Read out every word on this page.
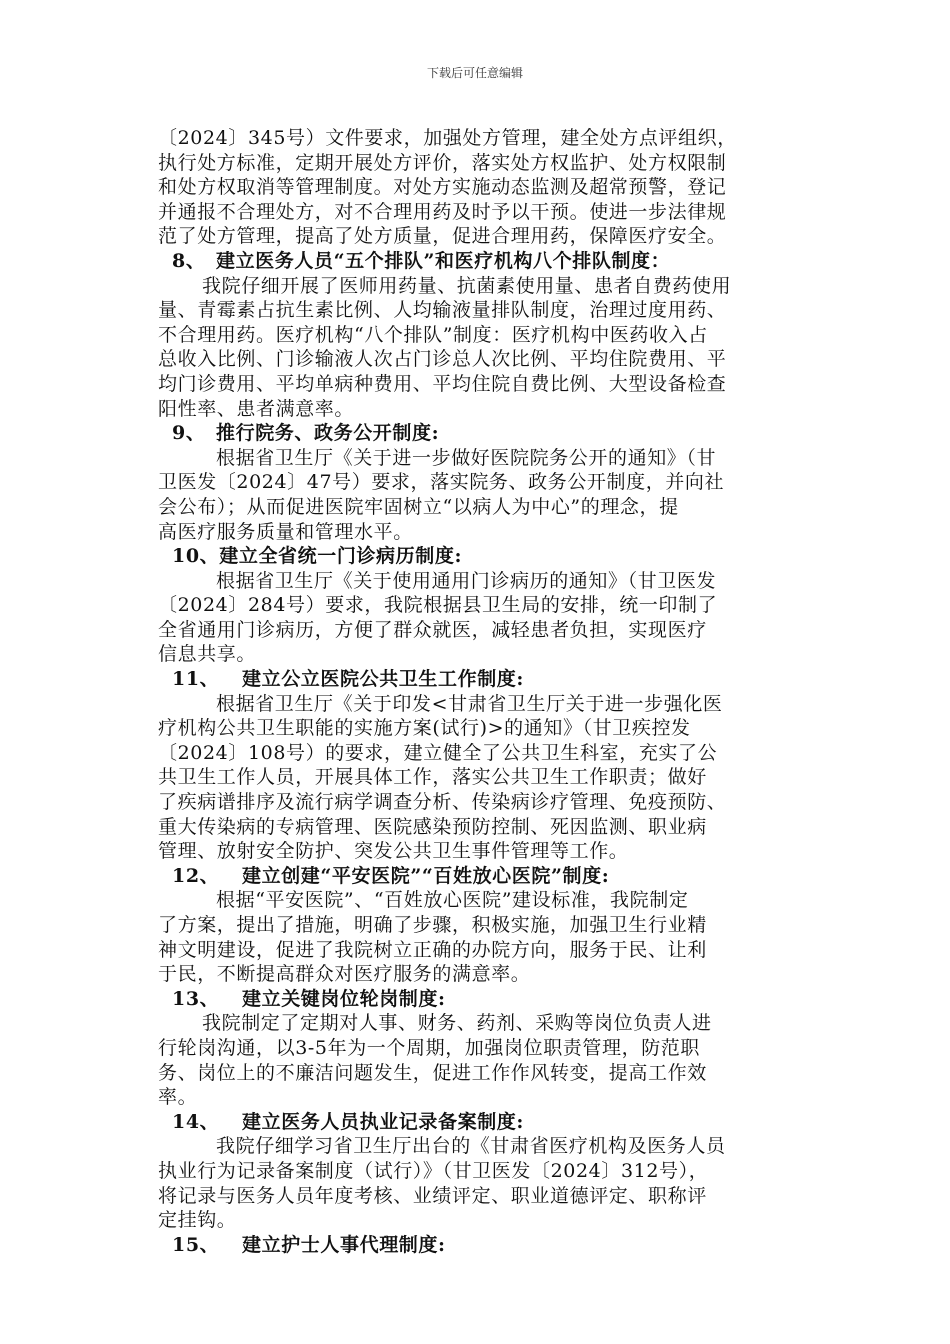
下载后可任意编辑
〔2024〕345号）文件要求，加强处方管理，建全处方点评组织，
执行处方标准，定期开展处方评价，落实处方权监护、处方权限制
和处方权取消等管理制度。对处方实施动态监测及超常预警，登记
并通报不合理处方，对不合理用药及时予以干预。使进一步法律规
范了处方管理，提高了处方质量，促进合理用药，保障医疗安全。
8、 建立医务人员“五个排队”和医疗机构八个排队制度：
我院仔细开展了医师用药量、抗菌素使用量、患者自费药使用
量、青霉素占抗生素比例、人均输液量排队制度，治理过度用药、
不合理用药。医疗机构“八个排队”制度：医疗机构中医药收入占
总收入比例、门诊输液人次占门诊总人次比例、平均住院费用、平
均门诊费用、平均单病种费用、平均住院自费比例、大型设备检查
阳性率、患者满意率。
9、 推行院务、政务公开制度:
根据省卫生厅《关于进一步做好医院院务公开的通知》（甘
卫医发〔2024〕47号）要求，落实院务、政务公开制度，并向社
会公布）；从而促进医院牢固树立“以病人为中心”的理念，提
高医疗服务质量和管理水平。
10、建立全省统一门诊病历制度:
根据省卫生厅《关于使用通用门诊病历的通知》（甘卫医发
〔2024〕284号）要求，我院根据县卫生局的安排，统一印制了
全省通用门诊病历，方便了群众就医，减轻患者负担，实现医疗
信息共享。
11、 建立公立医院公共卫生工作制度:
根据省卫生厅《关于印发<甘肃省卫生厅关于进一步强化医
疗机构公共卫生职能的实施方案(试行)>的通知》（甘卫疾控发
〔2024〕108号）的要求，建立健全了公共卫生科室，充实了公
共卫生工作人员，开展具体工作，落实公共卫生工作职责；做好
了疾病谱排序及流行病学调查分析、传染病诊疗管理、免疫预防、
重大传染病的专病管理、医院感染预防控制、死因监测、职业病
管理、放射安全防护、突发公共卫生事件管理等工作。
12、 建立创建“平安医院”“百姓放心医院”制度:
根据“平安医院”、“百姓放心医院”建设标准，我院制定
了方案，提出了措施，明确了步骤，积极实施，加强卫生行业精
神文明建设，促进了我院树立正确的办院方向，服务于民、让利
于民，不断提高群众对医疗服务的满意率。
13、 建立关键岗位轮岗制度:
我院制定了定期对人事、财务、药剂、采购等岗位负责人进
行轮岗沟通，以3-5年为一个周期，加强岗位职责管理，防范职
务、岗位上的不廉洁问题发生，促进工作作风转变，提高工作效
率。
14、 建立医务人员执业记录备案制度:
我院仔细学习省卫生厅出台的《甘肃省医疗机构及医务人员
执业行为记录备案制度（试行）》（甘卫医发〔2024〕312号），
将记录与医务人员年度考核、业绩评定、职业道德评定、职称评
定挂钩。
15、 建立护士人事代理制度:
